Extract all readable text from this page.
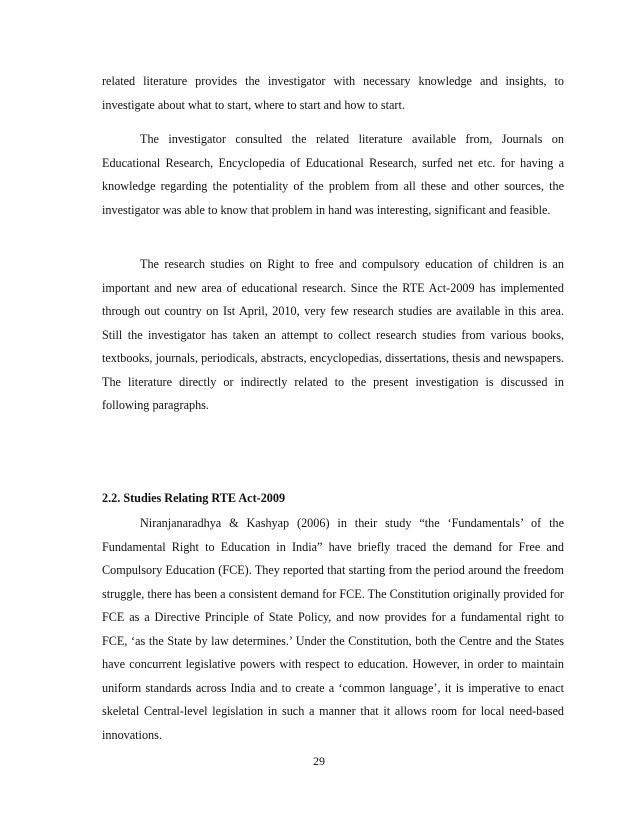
related literature provides the investigator with necessary knowledge and insights, to investigate about what to start, where to start and how to start.

The investigator consulted the related literature available from, Journals on Educational Research, Encyclopedia of Educational Research, surfed net etc. for having a knowledge regarding the potentiality of the problem from all these and other sources, the investigator was able to know that problem in hand was interesting, significant and feasible.

The research studies on Right to free and compulsory education of children is an important and new area of educational research. Since the RTE Act-2009 has implemented through out country on Ist April, 2010, very few research studies are available in this area. Still the investigator has taken an attempt to collect research studies from various books, textbooks, journals, periodicals, abstracts, encyclopedias, dissertations, thesis and newspapers. The literature directly or indirectly related to the present investigation is discussed in following paragraphs.

2.2. Studies Relating RTE Act-2009

Niranjanaradhya & Kashyap (2006) in their study “the ‘Fundamentals’ of the Fundamental Right to Education in India” have briefly traced the demand for Free and Compulsory Education (FCE). They reported that starting from the period around the freedom struggle, there has been a consistent demand for FCE. The Constitution originally provided for FCE as a Directive Principle of State Policy, and now provides for a fundamental right to FCE, ‘as the State by law determines.’ Under the Constitution, both the Centre and the States have concurrent legislative powers with respect to education. However, in order to maintain uniform standards across India and to create a ‘common language’, it is imperative to enact skeletal Central-level legislation in such a manner that it allows room for local need-based innovations.

29
